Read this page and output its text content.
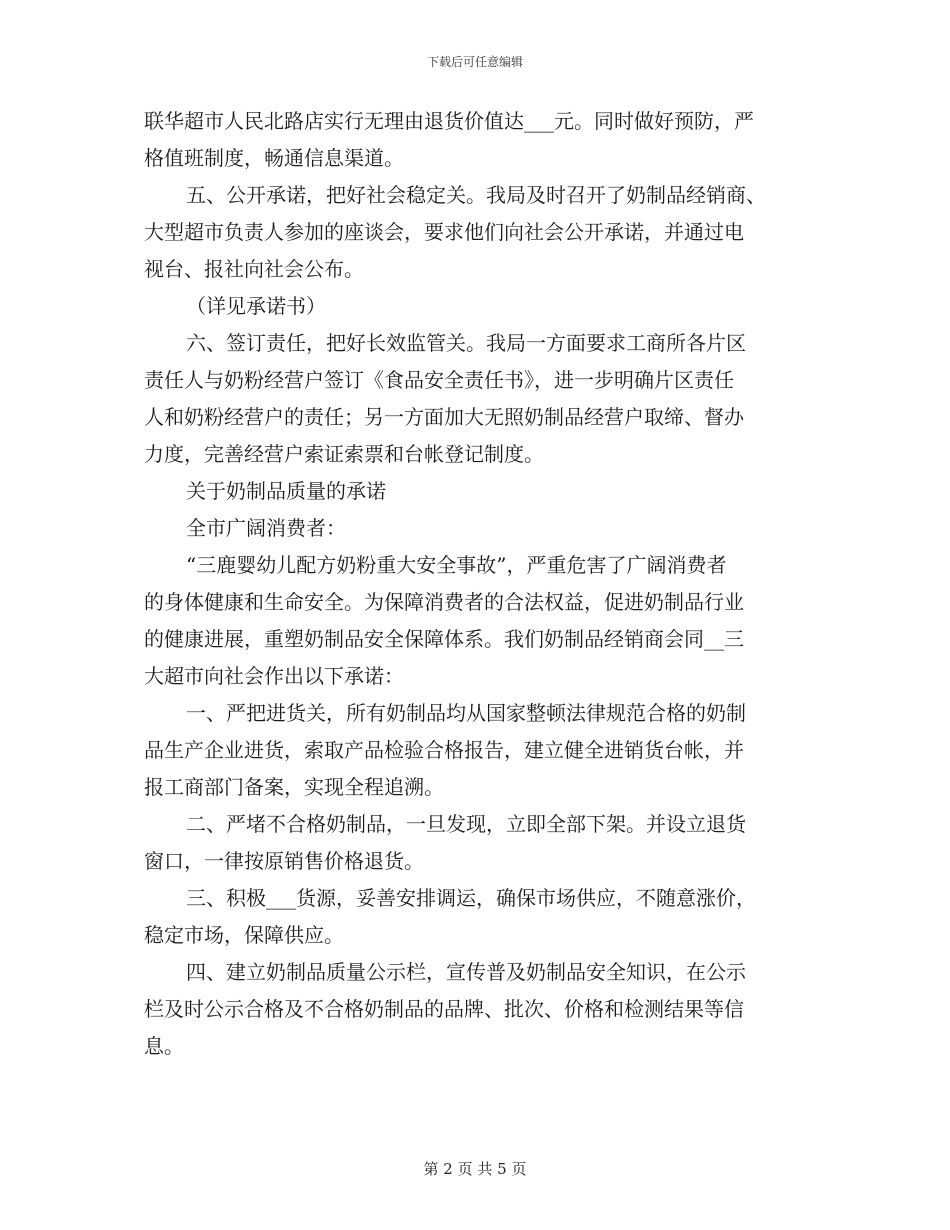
下载后可任意编辑
联华超市人民北路店实行无理由退货价值达___元。同时做好预防，严
格值班制度，畅通信息渠道。
五、公开承诺，把好社会稳定关。我局及时召开了奶制品经销商、
大型超市负责人参加的座谈会，要求他们向社会公开承诺，并通过电
视台、报社向社会公布。
（详见承诺书）
六、签订责任，把好长效监管关。我局一方面要求工商所各片区
责任人与奶粉经营户签订《食品安全责任书》，进一步明确片区责任
人和奶粉经营户的责任；另一方面加大无照奶制品经营户取缔、督办
力度，完善经营户索证索票和台帐登记制度。
关于奶制品质量的承诺
全市广阔消费者：
“三鹿婴幼儿配方奶粉重大安全事故”，严重危害了广阔消费者
的身体健康和生命安全。为保障消费者的合法权益，促进奶制品行业
的健康进展，重塑奶制品安全保障体系。我们奶制品经销商会同__三
大超市向社会作出以下承诺：
一、严把进货关，所有奶制品均从国家整顿法律规范合格的奶制
品生产企业进货，索取产品检验合格报告，建立健全进销货台帐，并
报工商部门备案，实现全程追溯。
二、严堵不合格奶制品，一旦发现，立即全部下架。并设立退货
窗口，一律按原销售价格退货。
三、积极___货源，妥善安排调运，确保市场供应，不随意涨价，
稳定市场，保障供应。
四、建立奶制品质量公示栏，宣传普及奶制品安全知识，在公示
栏及时公示合格及不合格奶制品的品牌、批次、价格和检测结果等信
息。
第 2 页 共 5 页
